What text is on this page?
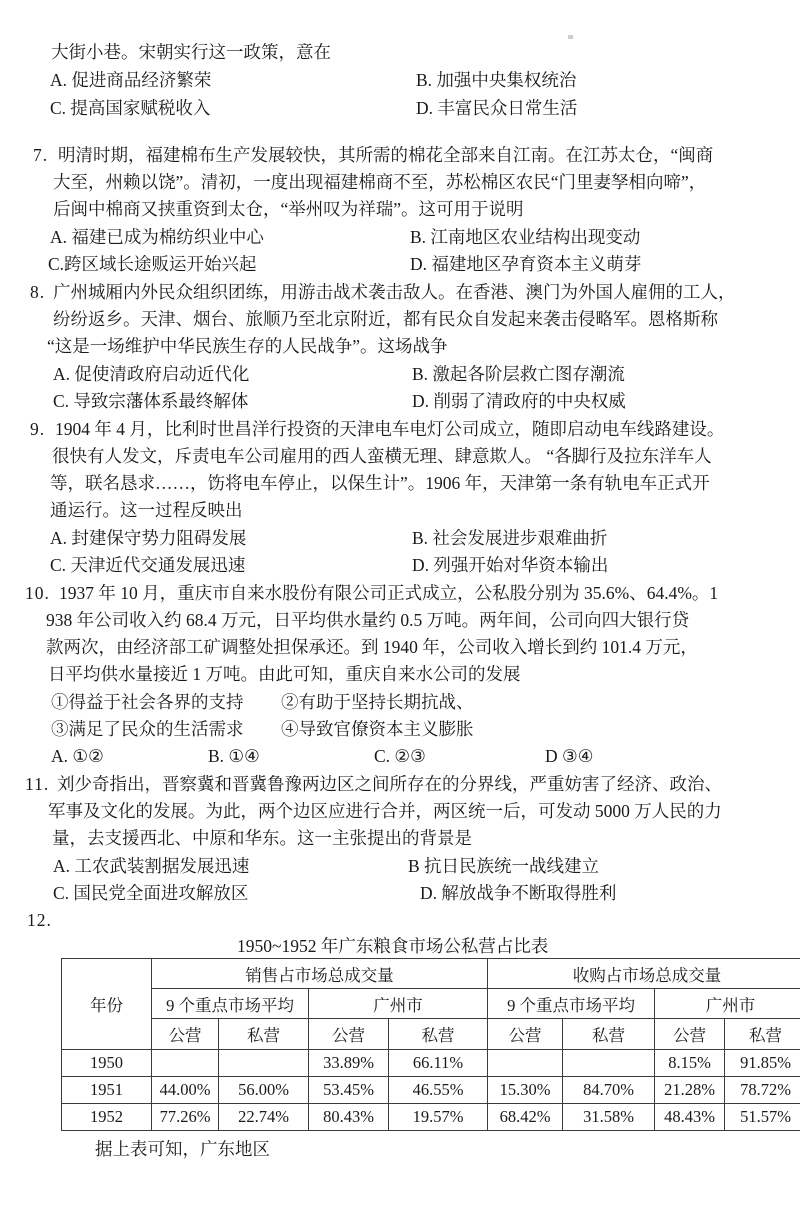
大街小巷。宋朝实行这一政策，意在
A. 促进商品经济繁荣	B. 加强中央集权统治
C. 提高国家赋税收入	D. 丰富民众日常生活
7. 明清时期，福建棉布生产发展较快，其所需的棉花全部来自江南。在江苏太仓，“闽商
大至，州赖以饶”。清初，一度出现福建棉商不至，苏松棉区农民“门里妻孥相向啼”，
后闽中棉商又挟重资到太仓，“举州叹为祥瑞”。这可用于说明
A. 福建已成为棉纺织业中心	B. 江南地区农业结构出现变动
C.跨区域长途贩运开始兴起	D. 福建地区孕育资本主义萌芽
8. 广州城厢内外民众组织团练，用游击战术袭击敌人。在香港、澳门为外国人雇佣的工人，
纷纷返乡。天津、烟台、旅顺乃至北京附近，都有民众自发起来袭击侵略军。恩格斯称
“这是一场维护中华民族生存的人民战争”。这场战争
A. 促使清政府启动近代化	B. 激起各阶层救亡图存潮流
C. 导致宗藩体系最终解体	D. 削弱了清政府的中央权威
9. 1904 年 4 月，比利时世昌洋行投资的天津电车电灯公司成立，随即启动电车线路建设。
很快有人发文，斥责电车公司雇用的西人蛮横无理、肆意欺人。 “各脚行及拉东洋车人
等，联名恳求……，饬将电车停止，以保生计”。1906 年，天津第一条有轨电车正式开
通运行。这一过程反映出
A. 封建保守势力阻碍发展	B. 社会发展进步艰难曲折
C. 天津近代交通发展迅速	D. 列强开始对华资本输出
10. 1937 年 10 月，重庆市自来水股份有限公司正式成立，公私股分别为 35.6%、64.4%。1
938 年公司收入约 68.4 万元，日平均供水量约 0.5 万吨。两年间，公司向四大银行贷
款两次，由经济部工矿调整处担保承还。到 1940 年，公司收入增长到约 101.4 万元，
日平均供水量接近 1 万吨。由此可知，重庆自来水公司的发展
①得益于社会各界的支持 ②有助于坚持长期抗战、
③满足了民众的生活需求 ④导致官僚资本主义膨胀
A. ①②	B. ①④	C. ②③	D ③④
11. 刘少奇指出，晋察冀和晋冀鲁豫两边区之间所存在的分界线，严重妨害了经济、政治、
军事及文化的发展。为此，两个边区应进行合并，两区统一后，可发动 5000 万人民的力
量，去支援西北、中原和华东。这一主张提出的背景是
A. 工农武装割据发展迅速	B 抗日民族统一战线建立
C. 国民党全面进攻解放区	D. 解放战争不断取得胜利
12.
1950~1952 年广东粮食市场公私营占比表
年份	销售占市场总成交量				收购占市场总成交量			
	9 个重点市场平均		广州市		9 个重点市场平均		广州市	
	公营	私营	公营	私营	公营	私营	公营	私营
1950			33.89%	66.11%			8.15%	91.85%
1951	44.00%	56.00%	53.45%	46.55%	15.30%	84.70%	21.28%	78.72%
1952	77.26%	22.74%	80.43%	19.57%	68.42%	31.58%	48.43%	51.57%
据上表可知，广东地区
